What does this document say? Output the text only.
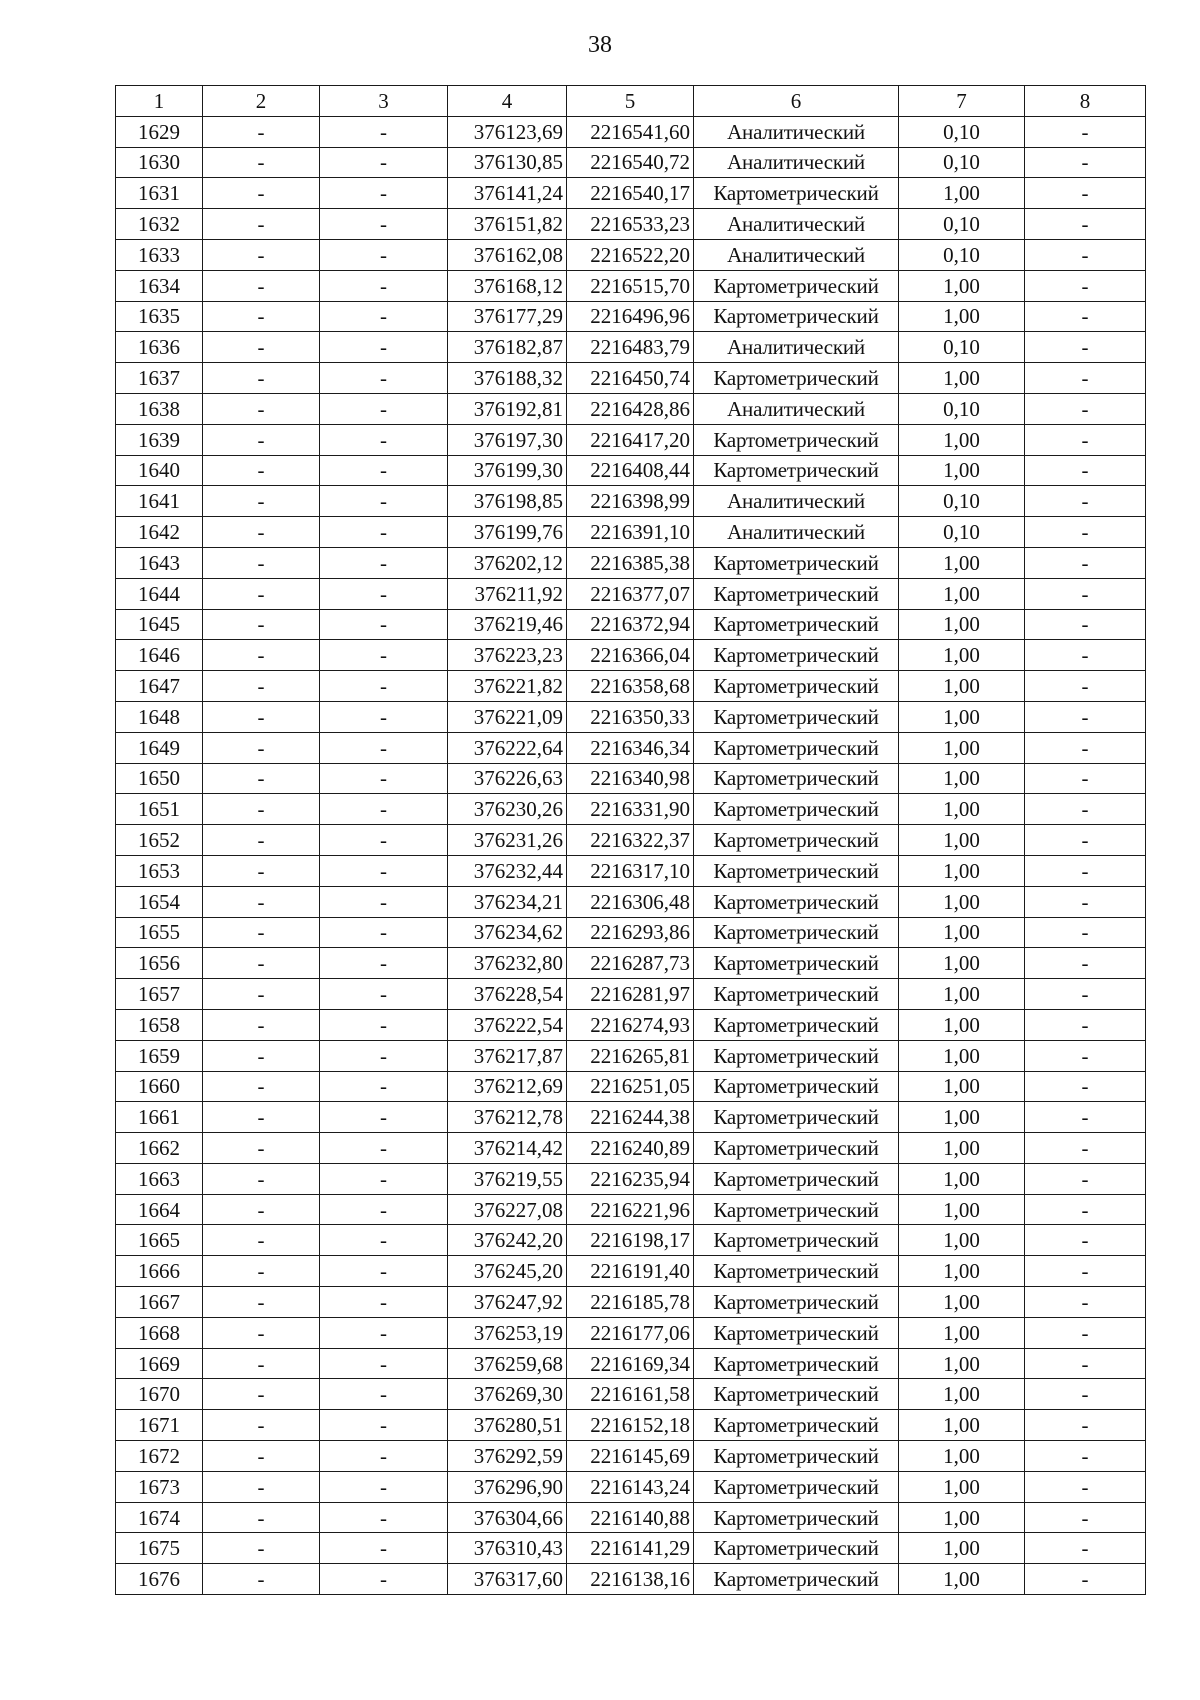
38
1	2	3	4	5	6	7	8
1629	-	-	376123,69	2216541,60	Аналитический	0,10	-
1630	-	-	376130,85	2216540,72	Аналитический	0,10	-
1631	-	-	376141,24	2216540,17	Картометрический	1,00	-
1632	-	-	376151,82	2216533,23	Аналитический	0,10	-
1633	-	-	376162,08	2216522,20	Аналитический	0,10	-
1634	-	-	376168,12	2216515,70	Картометрический	1,00	-
1635	-	-	376177,29	2216496,96	Картометрический	1,00	-
1636	-	-	376182,87	2216483,79	Аналитический	0,10	-
1637	-	-	376188,32	2216450,74	Картометрический	1,00	-
1638	-	-	376192,81	2216428,86	Аналитический	0,10	-
1639	-	-	376197,30	2216417,20	Картометрический	1,00	-
1640	-	-	376199,30	2216408,44	Картометрический	1,00	-
1641	-	-	376198,85	2216398,99	Аналитический	0,10	-
1642	-	-	376199,76	2216391,10	Аналитический	0,10	-
1643	-	-	376202,12	2216385,38	Картометрический	1,00	-
1644	-	-	376211,92	2216377,07	Картометрический	1,00	-
1645	-	-	376219,46	2216372,94	Картометрический	1,00	-
1646	-	-	376223,23	2216366,04	Картометрический	1,00	-
1647	-	-	376221,82	2216358,68	Картометрический	1,00	-
1648	-	-	376221,09	2216350,33	Картометрический	1,00	-
1649	-	-	376222,64	2216346,34	Картометрический	1,00	-
1650	-	-	376226,63	2216340,98	Картометрический	1,00	-
1651	-	-	376230,26	2216331,90	Картометрический	1,00	-
1652	-	-	376231,26	2216322,37	Картометрический	1,00	-
1653	-	-	376232,44	2216317,10	Картометрический	1,00	-
1654	-	-	376234,21	2216306,48	Картометрический	1,00	-
1655	-	-	376234,62	2216293,86	Картометрический	1,00	-
1656	-	-	376232,80	2216287,73	Картометрический	1,00	-
1657	-	-	376228,54	2216281,97	Картометрический	1,00	-
1658	-	-	376222,54	2216274,93	Картометрический	1,00	-
1659	-	-	376217,87	2216265,81	Картометрический	1,00	-
1660	-	-	376212,69	2216251,05	Картометрический	1,00	-
1661	-	-	376212,78	2216244,38	Картометрический	1,00	-
1662	-	-	376214,42	2216240,89	Картометрический	1,00	-
1663	-	-	376219,55	2216235,94	Картометрический	1,00	-
1664	-	-	376227,08	2216221,96	Картометрический	1,00	-
1665	-	-	376242,20	2216198,17	Картометрический	1,00	-
1666	-	-	376245,20	2216191,40	Картометрический	1,00	-
1667	-	-	376247,92	2216185,78	Картометрический	1,00	-
1668	-	-	376253,19	2216177,06	Картометрический	1,00	-
1669	-	-	376259,68	2216169,34	Картометрический	1,00	-
1670	-	-	376269,30	2216161,58	Картометрический	1,00	-
1671	-	-	376280,51	2216152,18	Картометрический	1,00	-
1672	-	-	376292,59	2216145,69	Картометрический	1,00	-
1673	-	-	376296,90	2216143,24	Картометрический	1,00	-
1674	-	-	376304,66	2216140,88	Картометрический	1,00	-
1675	-	-	376310,43	2216141,29	Картометрический	1,00	-
1676	-	-	376317,60	2216138,16	Картометрический	1,00	-
